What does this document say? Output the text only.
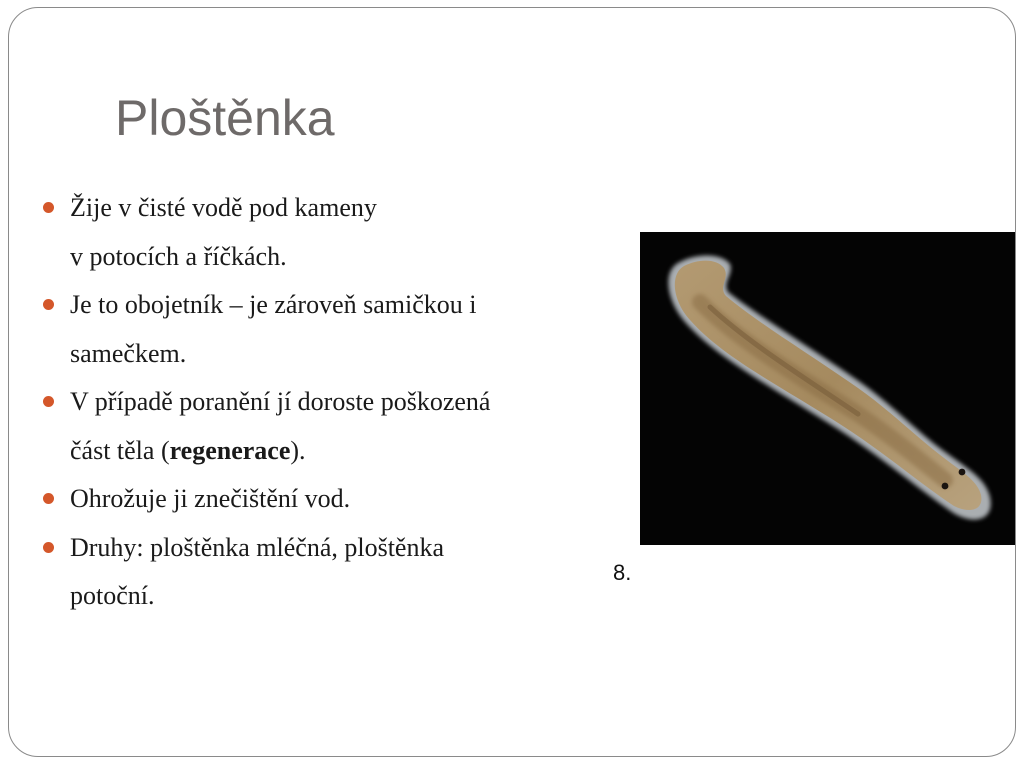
Ploštěnka
Žije v čisté vodě pod kameny
v potocích a říčkách.
Je to obojetník – je zároveň samičkou i
samečkem.
V případě poranění jí doroste poškozená
část těla (regenerace).
Ohrožuje ji znečištění vod.
Druhy: ploštěnka mléčná, ploštěnka
potoční.

8.
